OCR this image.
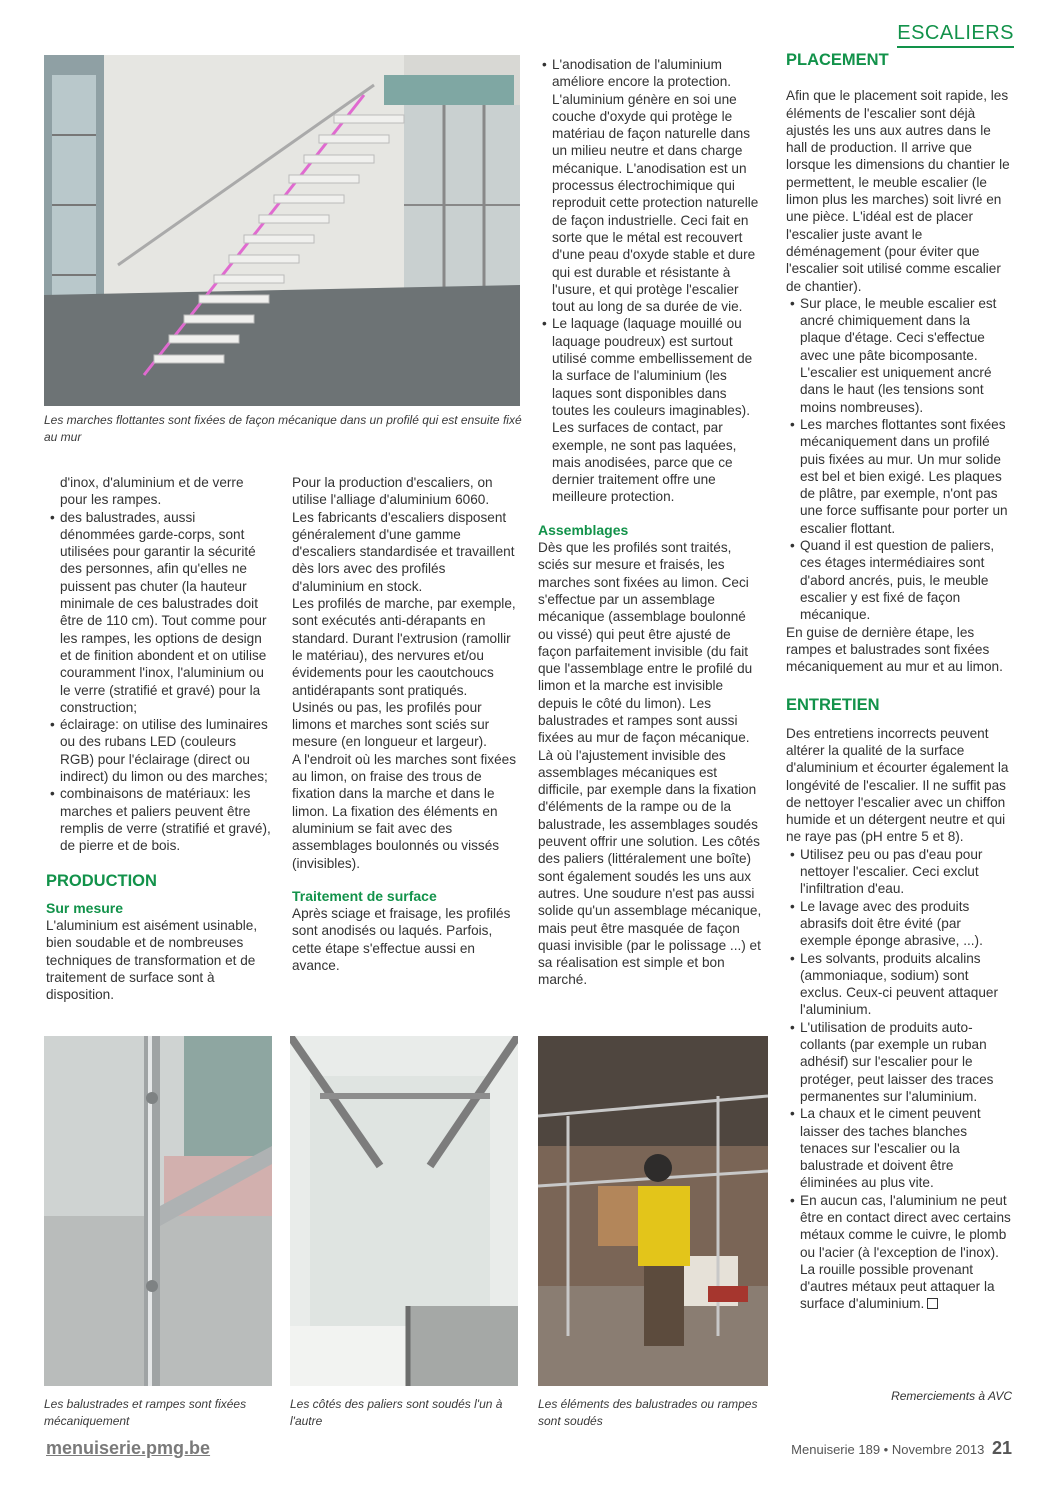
ESCALIERS
Les marches flottantes sont fixées de façon mécanique dans un profilé qui est ensuite fixé au mur

d'inox, d'aluminium et de verre pour les rampes.

• des balustrades, aussi dénommées garde-corps, sont utilisées pour garantir la sécurité des personnes, afin qu'elles ne puissent pas chuter (la hauteur minimale de ces balustrades doit être de 110 cm). Tout comme pour les rampes, les options de design et de finition abondent et on utilise couramment l'inox, l'aluminium ou le verre (stratifié et gravé) pour la construction;

• éclairage: on utilise des luminaires ou des rubans LED (couleurs RGB) pour l'éclairage (direct ou indirect) du limon ou des marches;

• combinaisons de matériaux: les marches et paliers peuvent être remplis de verre (stratifié et gravé), de pierre et de bois.

PRODUCTION

Sur mesure

L'aluminium est aisément usinable, bien soudable et de nombreuses techniques de transformation et de traitement de surface sont à disposition.

Pour la production d'escaliers, on utilise l'alliage d'aluminium 6060.

Les fabricants d'escaliers disposent généralement d'une gamme d'escaliers standardisée et travaillent dès lors avec des profilés d'aluminium en stock.

Les profilés de marche, par exemple, sont exécutés anti-dérapants en standard. Durant l'extrusion (ramollir le matériau), des nervures et/ou évidements pour les caoutchoucs antidérapants sont pratiqués.

Usinés ou pas, les profilés pour limons et marches sont sciés sur mesure (en longueur et largeur).

A l'endroit où les marches sont fixées au limon, on fraise des trous de fixation dans la marche et dans le limon. La fixation des éléments en aluminium se fait avec des assemblages boulonnés ou vissés (invisibles).

Traitement de surface

Après sciage et fraisage, les profilés sont anodisés ou laqués. Parfois, cette étape s'effectue aussi en avance.

• L'anodisation de l'aluminium améliore encore la protection. L'aluminium génère en soi une couche d'oxyde qui protège le matériau de façon naturelle dans un milieu neutre et dans charge mécanique. L'anodisation est un processus électrochimique qui reproduit cette protection naturelle de façon industrielle. Ceci fait en sorte que le métal est recouvert d'une peau d'oxyde stable et dure qui est durable et résistante à l'usure, et qui protège l'escalier tout au long de sa durée de vie.

• Le laquage (laquage mouillé ou laquage poudreux) est surtout utilisé comme embellissement de la surface de l'aluminium (les laques sont disponibles dans toutes les couleurs imaginables). Les surfaces de contact, par exemple, ne sont pas laquées, mais anodisées, parce que ce dernier traitement offre une meilleure protection.

Assemblages

Dès que les profilés sont traités, sciés sur mesure et fraisés, les marches sont fixées au limon. Ceci s'effectue par un assemblage mécanique (assemblage boulonné ou vissé) qui peut être ajusté de façon parfaitement invisible (du fait que l'assemblage entre le profilé du limon et la marche est invisible depuis le côté du limon). Les balustrades et rampes sont aussi fixées au mur de façon mécanique. Là où l'ajustement invisible des assemblages mécaniques est difficile, par exemple dans la fixation d'éléments de la rampe ou de la balustrade, les assemblages soudés peuvent offrir une solution. Les côtés des paliers (littéralement une boîte) sont également soudés les uns aux autres. Une soudure n'est pas aussi solide qu'un assemblage mécanique, mais peut être masquée de façon quasi invisible (par le polissage ...) et sa réalisation est simple et bon marché.

PLACEMENT

Afin que le placement soit rapide, les éléments de l'escalier sont déjà ajustés les uns aux autres dans le hall de production. Il arrive que lorsque les dimensions du chantier le permettent, le meuble escalier (le limon plus les marches) soit livré en une pièce. L'idéal est de placer l'escalier juste avant le déménagement (pour éviter que l'escalier soit utilisé comme escalier de chantier).

• Sur place, le meuble escalier est ancré chimiquement dans la plaque d'étage. Ceci s'effectue avec une pâte bicomposante. L'escalier est uniquement ancré dans le haut (les tensions sont moins nombreuses).

• Les marches flottantes sont fixées mécaniquement dans un profilé puis fixées au mur. Un mur solide est bel et bien exigé. Les plaques de plâtre, par exemple, n'ont pas une force suffisante pour porter un escalier flottant.

• Quand il est question de paliers, ces étages intermédiaires sont d'abord ancrés, puis, le meuble escalier y est fixé de façon mécanique.

En guise de dernière étape, les rampes et balustrades sont fixées mécaniquement au mur et au limon.

ENTRETIEN

Des entretiens incorrects peuvent altérer la qualité de la surface d'aluminium et écourter également la longévité de l'escalier. Il ne suffit pas de nettoyer l'escalier avec un chiffon humide et un détergent neutre et qui ne raye pas (pH entre 5 et 8).

• Utilisez peu ou pas d'eau pour nettoyer l'escalier. Ceci exclut l'infiltration d'eau.

• Le lavage avec des produits abrasifs doit être évité (par exemple éponge abrasive, ...).

• Les solvants, produits alcalins (ammoniaque, sodium) sont exclus. Ceux-ci peuvent attaquer l'aluminium.

• L'utilisation de produits auto-collants (par exemple un ruban adhésif) sur l'escalier pour le protéger, peut laisser des traces permanentes sur l'aluminium.

• La chaux et le ciment peuvent laisser des taches blanches tenaces sur l'escalier ou la balustrade et doivent être éliminées au plus vite.

• En aucun cas, l'aluminium ne peut être en contact direct avec certains métaux comme le cuivre, le plomb ou l'acier (à l'exception de l'inox). La rouille possible provenant d'autres métaux peut attaquer la surface d'aluminium.

Les balustrades et rampes sont fixées mécaniquement
Les côtés des paliers sont soudés l'un à l'autre
Les éléments des balustrades ou rampes sont soudés
Remerciements à AVC
menuiserie.pmg.be	Menuiserie 189 • Novembre 2013 21
